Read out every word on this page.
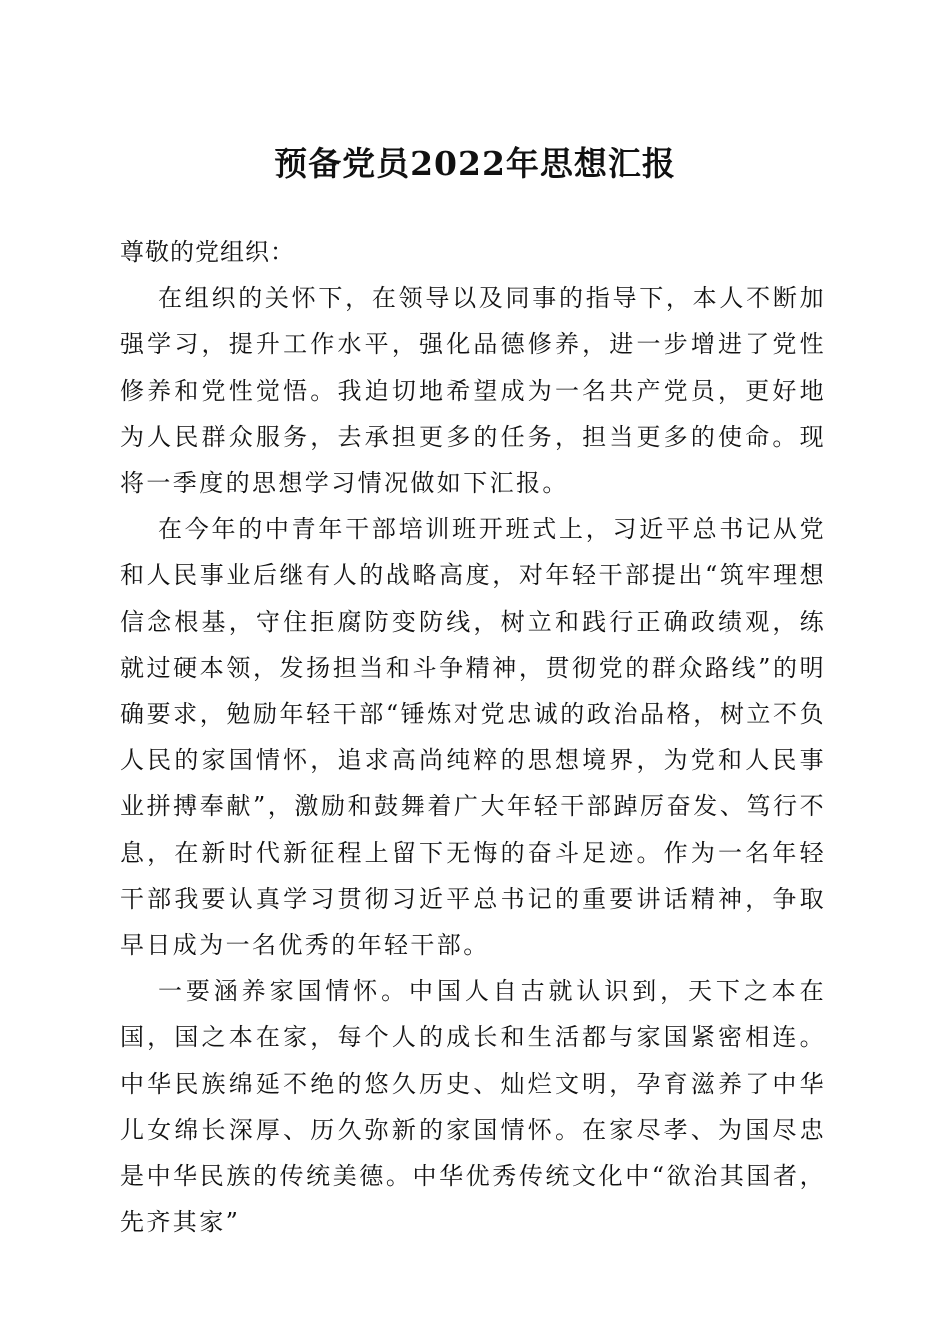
预备党员2022年思想汇报

尊敬的党组织：

在组织的关怀下，在领导以及同事的指导下，本人不断加强学习，提升工作水平，强化品德修养，进一步增进了党性修养和党性觉悟。我迫切地希望成为一名共产党员，更好地为人民群众服务，去承担更多的任务，担当更多的使命。现将一季度的思想学习情况做如下汇报。

在今年的中青年干部培训班开班式上，习近平总书记从党和人民事业后继有人的战略高度，对年轻干部提出“筑牢理想信念根基，守住拒腐防变防线，树立和践行正确政绩观，练就过硬本领，发扬担当和斗争精神，贯彻党的群众路线”的明确要求，勉励年轻干部“锤炼对党忠诚的政治品格，树立不负人民的家国情怀，追求高尚纯粹的思想境界，为党和人民事业拼搏奉献”，激励和鼓舞着广大年轻干部踔厉奋发、笃行不息，在新时代新征程上留下无悔的奋斗足迹。作为一名年轻干部我要认真学习贯彻习近平总书记的重要讲话精神，争取早日成为一名优秀的年轻干部。

一要涵养家国情怀。中国人自古就认识到，天下之本在国，国之本在家，每个人的成长和生活都与家国紧密相连。中华民族绵延不绝的悠久历史、灿烂文明，孕育滋养了中华儿女绵长深厚、历久弥新的家国情怀。在家尽孝、为国尽忠是中华民族的传统美德。中华优秀传统文化中“欲治其国者，先齐其家”
